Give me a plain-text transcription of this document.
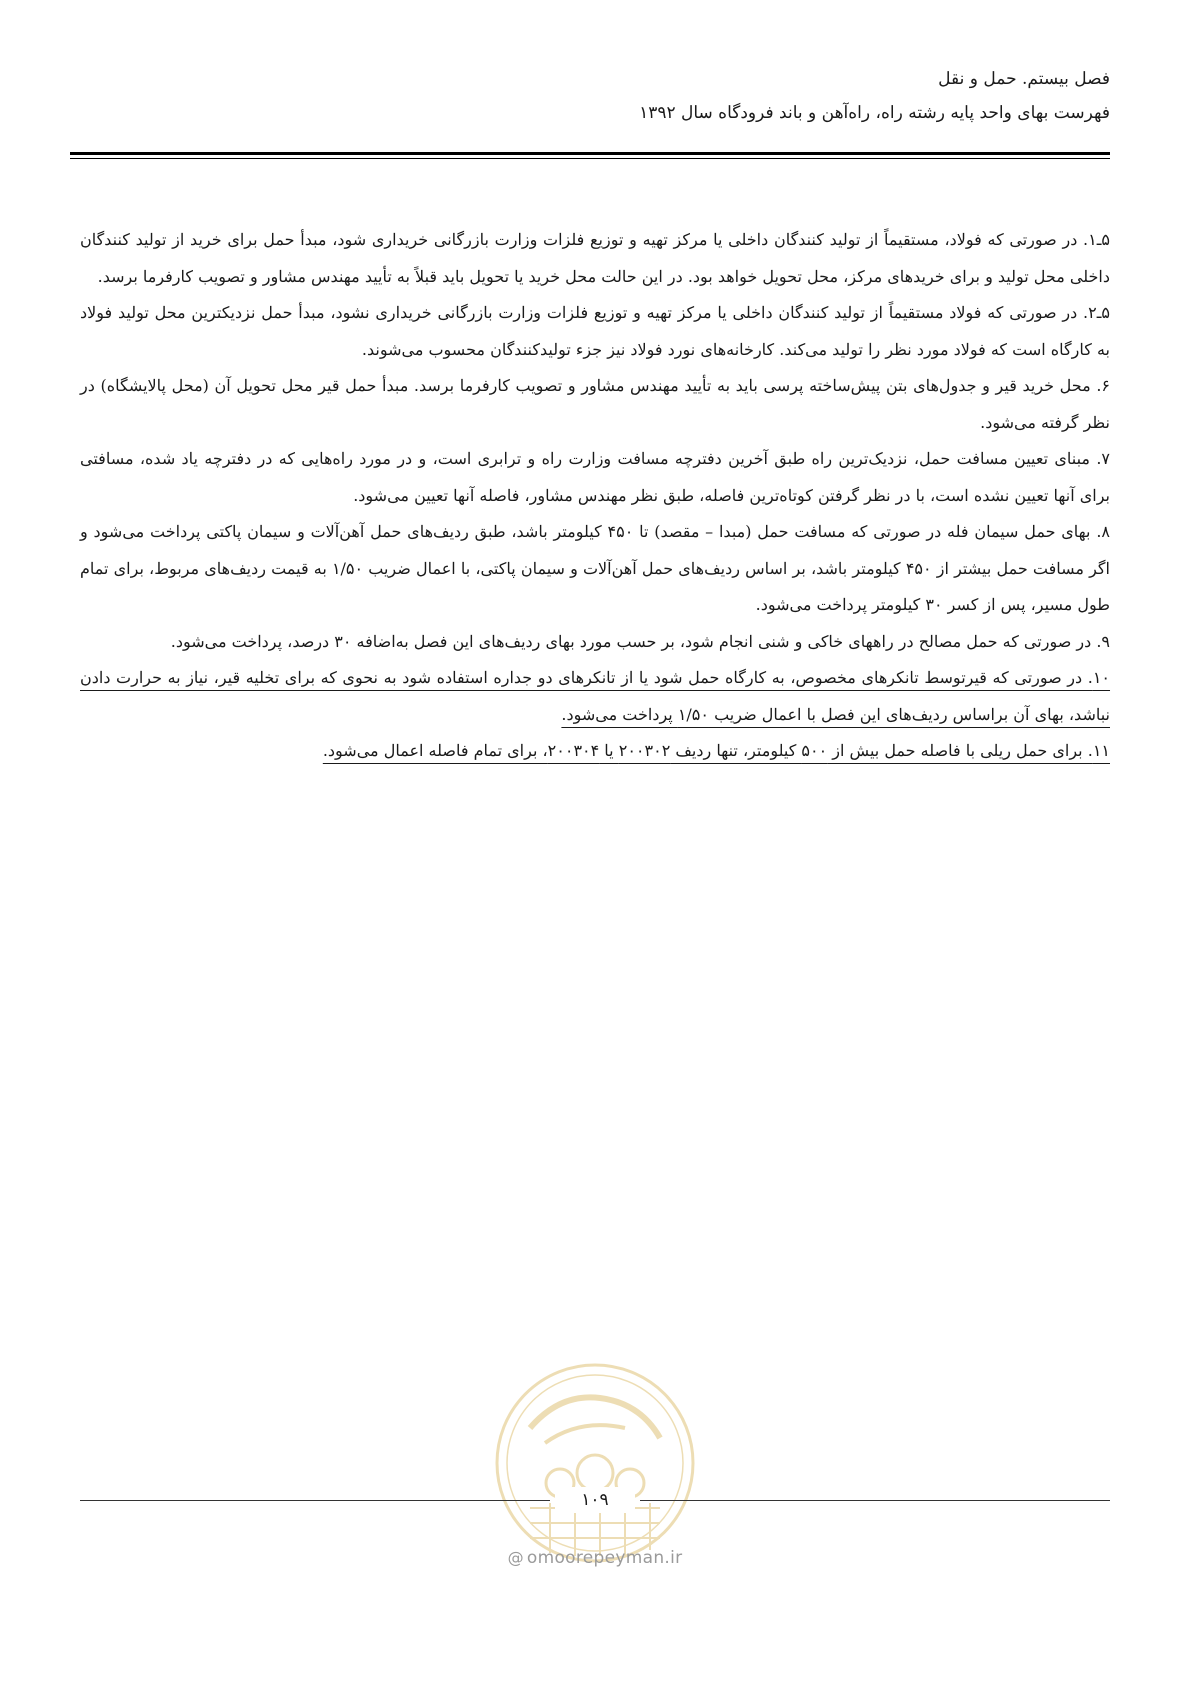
فصل بیستم. حمل و نقل
فهرست بهای واحد پایه رشته راه، راه‌آهن و باند فرودگاه سال ۱۳۹۲

۵ـ۱. در صورتی که فولاد، مستقیماً از تولید کنندگان داخلی یا مرکز تهیه و توزیع فلزات وزارت بازرگانی خریداری شود، مبدأ حمل برای خرید از تولید کنندگان داخلی محل تولید و برای خریدهای مرکز، محل تحویل خواهد بود. در این حالت محل خرید یا تحویل باید قبلاً به تأیید مهندس مشاور و تصویب کارفرما برسد.

۵ـ۲. در صورتی که فولاد مستقیماً از تولید کنندگان داخلی یا مرکز تهیه و توزیع فلزات وزارت بازرگانی خریداری نشود، مبدأ حمل نزدیکترین محل تولید فولاد به کارگاه است که فولاد مورد نظر را تولید می‌کند. کارخانه‌های نورد فولاد نیز جزء تولیدکنندگان محسوب می‌شوند.

۶. محل خرید قیر و جدول‌های بتن پیش‌ساخته پرسی باید به تأیید مهندس مشاور و تصویب کارفرما برسد. مبدأ حمل قیر محل تحویل آن (محل پالایشگاه) در نظر گرفته می‌شود.

۷. مبنای تعیین مسافت حمل، نزدیک‌ترین راه طبق آخرین دفترچه مسافت وزارت راه و ترابری است، و در مورد راه‌هایی که در دفترچه یاد شده، مسافتی برای آنها تعیین نشده است، با در نظر گرفتن کوتاه‌ترین فاصله، طبق نظر مهندس مشاور، فاصله آنها تعیین می‌شود.

۸. بهای حمل سیمان فله در صورتی که مسافت حمل (مبدا – مقصد) تا ۴۵۰ کیلومتر باشد، طبق ردیف‌های حمل آهن‌آلات و سیمان پاکتی پرداخت می‌شود و اگر مسافت حمل بیشتر از ۴۵۰ کیلومتر باشد، بر اساس ردیف‌های حمل آهن‌آلات و سیمان پاکتی، با اعمال ضریب ۱/۵۰ به قیمت ردیف‌های مربوط، برای تمام طول مسیر، پس از کسر ۳۰ کیلومتر پرداخت می‌شود.

۹. در صورتی که حمل مصالح در راههای خاکی و شنی انجام شود، بر حسب مورد بهای ردیف‌های این فصل به‌اضافه ۳۰ درصد، پرداخت می‌شود.

۱۰. در صورتی که قیرتوسط تانکرهای مخصوص، به کارگاه حمل شود یا از تانکرهای دو جداره استفاده شود به نحوی که برای تخلیه قیر، نیاز به حرارت دادن نباشد، بهای آن براساس ردیف‌های این فصل با اعمال ضریب ۱/۵۰ پرداخت می‌شود.

۱۱. برای حمل ریلی با فاصله حمل بیش از ۵۰۰ کیلومتر، تنها ردیف ۲۰۰۳۰۲ یا ۲۰۰۳۰۴، برای تمام فاصله اعمال می‌شود.

۱۰۹
@ omoorepeyman.ir
